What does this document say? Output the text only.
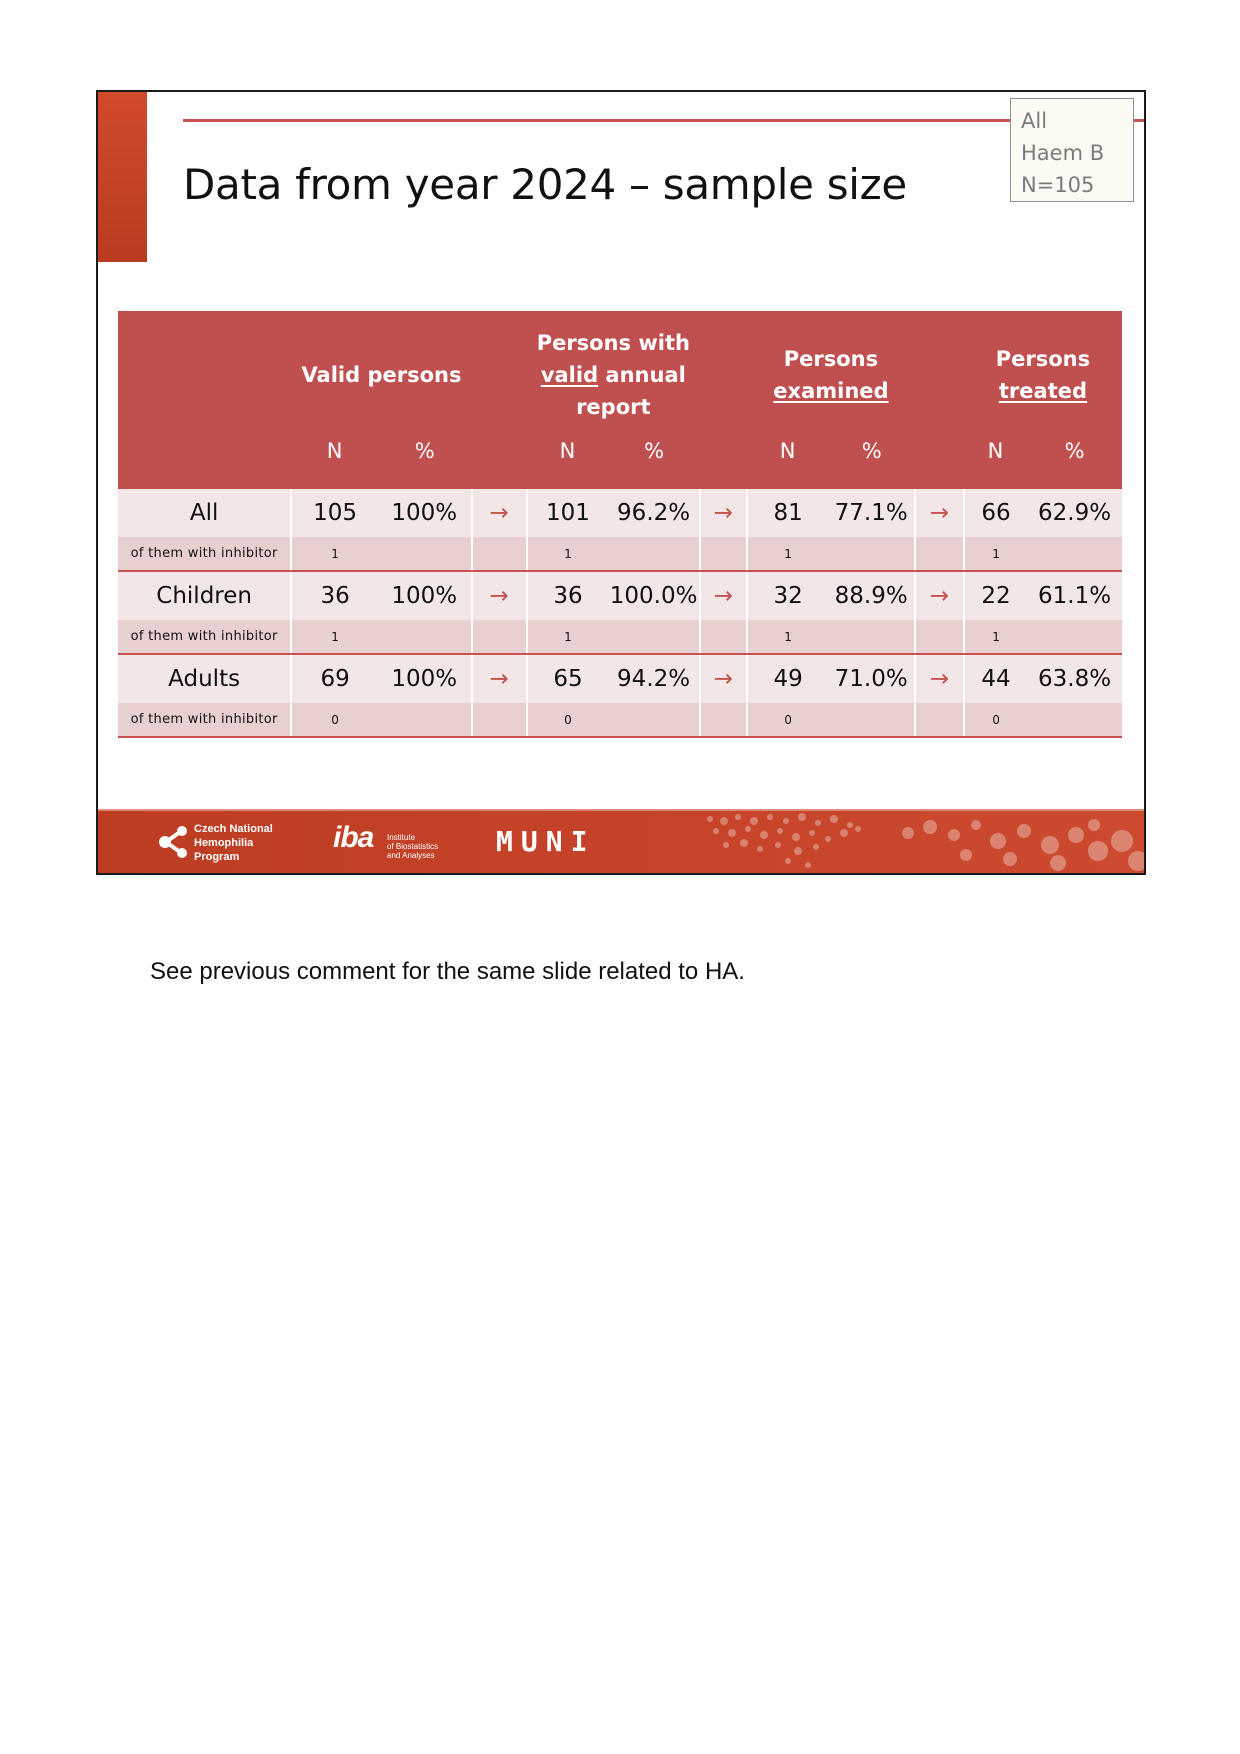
Data from year 2024 – sample size
All
Haem B
N=105
	Valid persons			Persons with valid annual report			Persons examined			Persons treated	
	N	%		N	%		N	%		N	%
All	105	100%	→	101	96.2%	→	81	77.1%	→	66	62.9%
of them with inhibitor	1			1			1			1	
Children	36	100%	→	36	100.0%	→	32	88.9%	→	22	61.1%
of them with inhibitor	1			1			1			1	
Adults	69	100%	→	65	94.2%	→	49	71.0%	→	44	63.8%
of them with inhibitor	0			0			0			0	
Czech National
Hemophilia
Program
iba Institute
of Biostatistics
and Analyses	MUNI

See previous comment for the same slide related to HA.
